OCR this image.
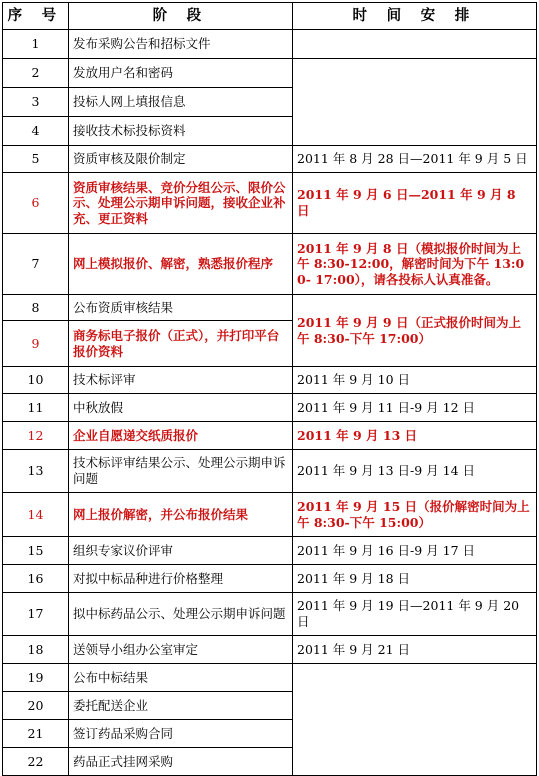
序 号	阶 段	时 间 安 排
1	发布采购公告和招标文件	
2	发放用户名和密码	
3	投标人网上填报信息	
4	接收技术标投标资料	
5	资质审核及限价制定	2011 年 8 月 28 日—2011 年 9 月 5 日
6	资质审核结果、竞价分组公示、限价公示、处理公示期申诉问题，接收企业补充、更正资料	2011 年 9 月 6 日—2011 年 9 月 8 日
7	网上模拟报价、解密，熟悉报价程序	2011 年 9 月 8 日（模拟报价时间为上午 8:30-12:00，解密时间为下午 13:00- 17:00），请各投标人认真准备。
8	公布资质审核结果	2011 年 9 月 9 日（正式报价时间为上午 8:30-下午 17:00）
9	商务标电子报价（正式），并打印平台报价资料	
10	技术标评审	2011 年 9 月 10 日
11	中秋放假	2011 年 9 月 11 日-9 月 12 日
12	企业自愿递交纸质报价	2011 年 9 月 13 日
13	技术标评审结果公示、处理公示期申诉问题	2011 年 9 月 13 日-9 月 14 日
14	网上报价解密，并公布报价结果	2011 年 9 月 15 日（报价解密时间为上午 8:30-下午 15:00）
15	组织专家议价评审	2011 年 9 月 16 日-9 月 17 日
16	对拟中标品种进行价格整理	2011 年 9 月 18 日
17	拟中标药品公示、处理公示期申诉问题	2011 年 9 月 19 日—2011 年 9 月 20 日
18	送领导小组办公室审定	2011 年 9 月 21 日
19	公布中标结果	
20	委托配送企业	
21	签订药品采购合同	
22	药品正式挂网采购	
